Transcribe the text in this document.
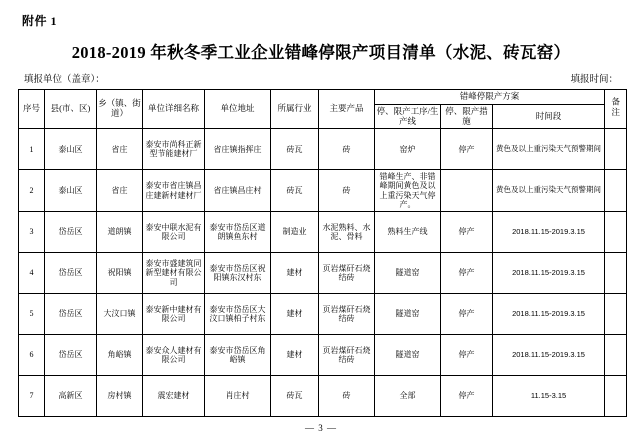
附件 1
2018-2019 年秋冬季工业企业错峰停限产项目清单（水泥、砖瓦窑）
填报单位（盖章）：	填报时间：
序号	县(市、区)	乡（镇、街道）	单位详细名称	单位地址	所属行业	主要产品	错峰停限产方案			备注
							停、限产工序/生产线	停、限产措施	时间段	
1	泰山区	省庄	泰安市尚科正新型节能建材厂	省庄镇指挥庄	砖瓦	砖	窑炉	停产	黄色及以上重污染天气预警期间	
2	泰山区	省庄	泰安市省庄镇昌庄建新村建材厂	省庄镇昌庄村	砖瓦	砖	错峰生产、非错峰期间黄色及以上重污染天气停产。		黄色及以上重污染天气预警期间	
3	岱岳区	道朗镇	泰安中联水泥有限公司	泰安市岱岳区道朗镇鱼东村	制造业	水泥熟料、水泥、骨料	熟料生产线	停产	2018.11.15-2019.3.15	
4	岱岳区	祝阳镇	泰安市盛建筑同新型建材有限公司	泰安市岱岳区祝阳镇东汉村东	建材	页岩煤矸石烧结砖	隧道窑	停产	2018.11.15-2019.3.15	
5	岱岳区	大汶口镇	泰安新中建材有限公司	泰安市岱岳区大汶口镇柏子村东	建材	页岩煤矸石烧结砖	隧道窑	停产	2018.11.15-2019.3.15	
6	岱岳区	角峪镇	泰安众人建材有限公司	泰安市岱岳区角峪镇	建材	页岩煤矸石烧结砖	隧道窑	停产	2018.11.15-2019.3.15	
7	高新区	房村镇	震宏建材	肖庄村	砖瓦	砖	全部	停产	11.15-3.15	
— 3 —
